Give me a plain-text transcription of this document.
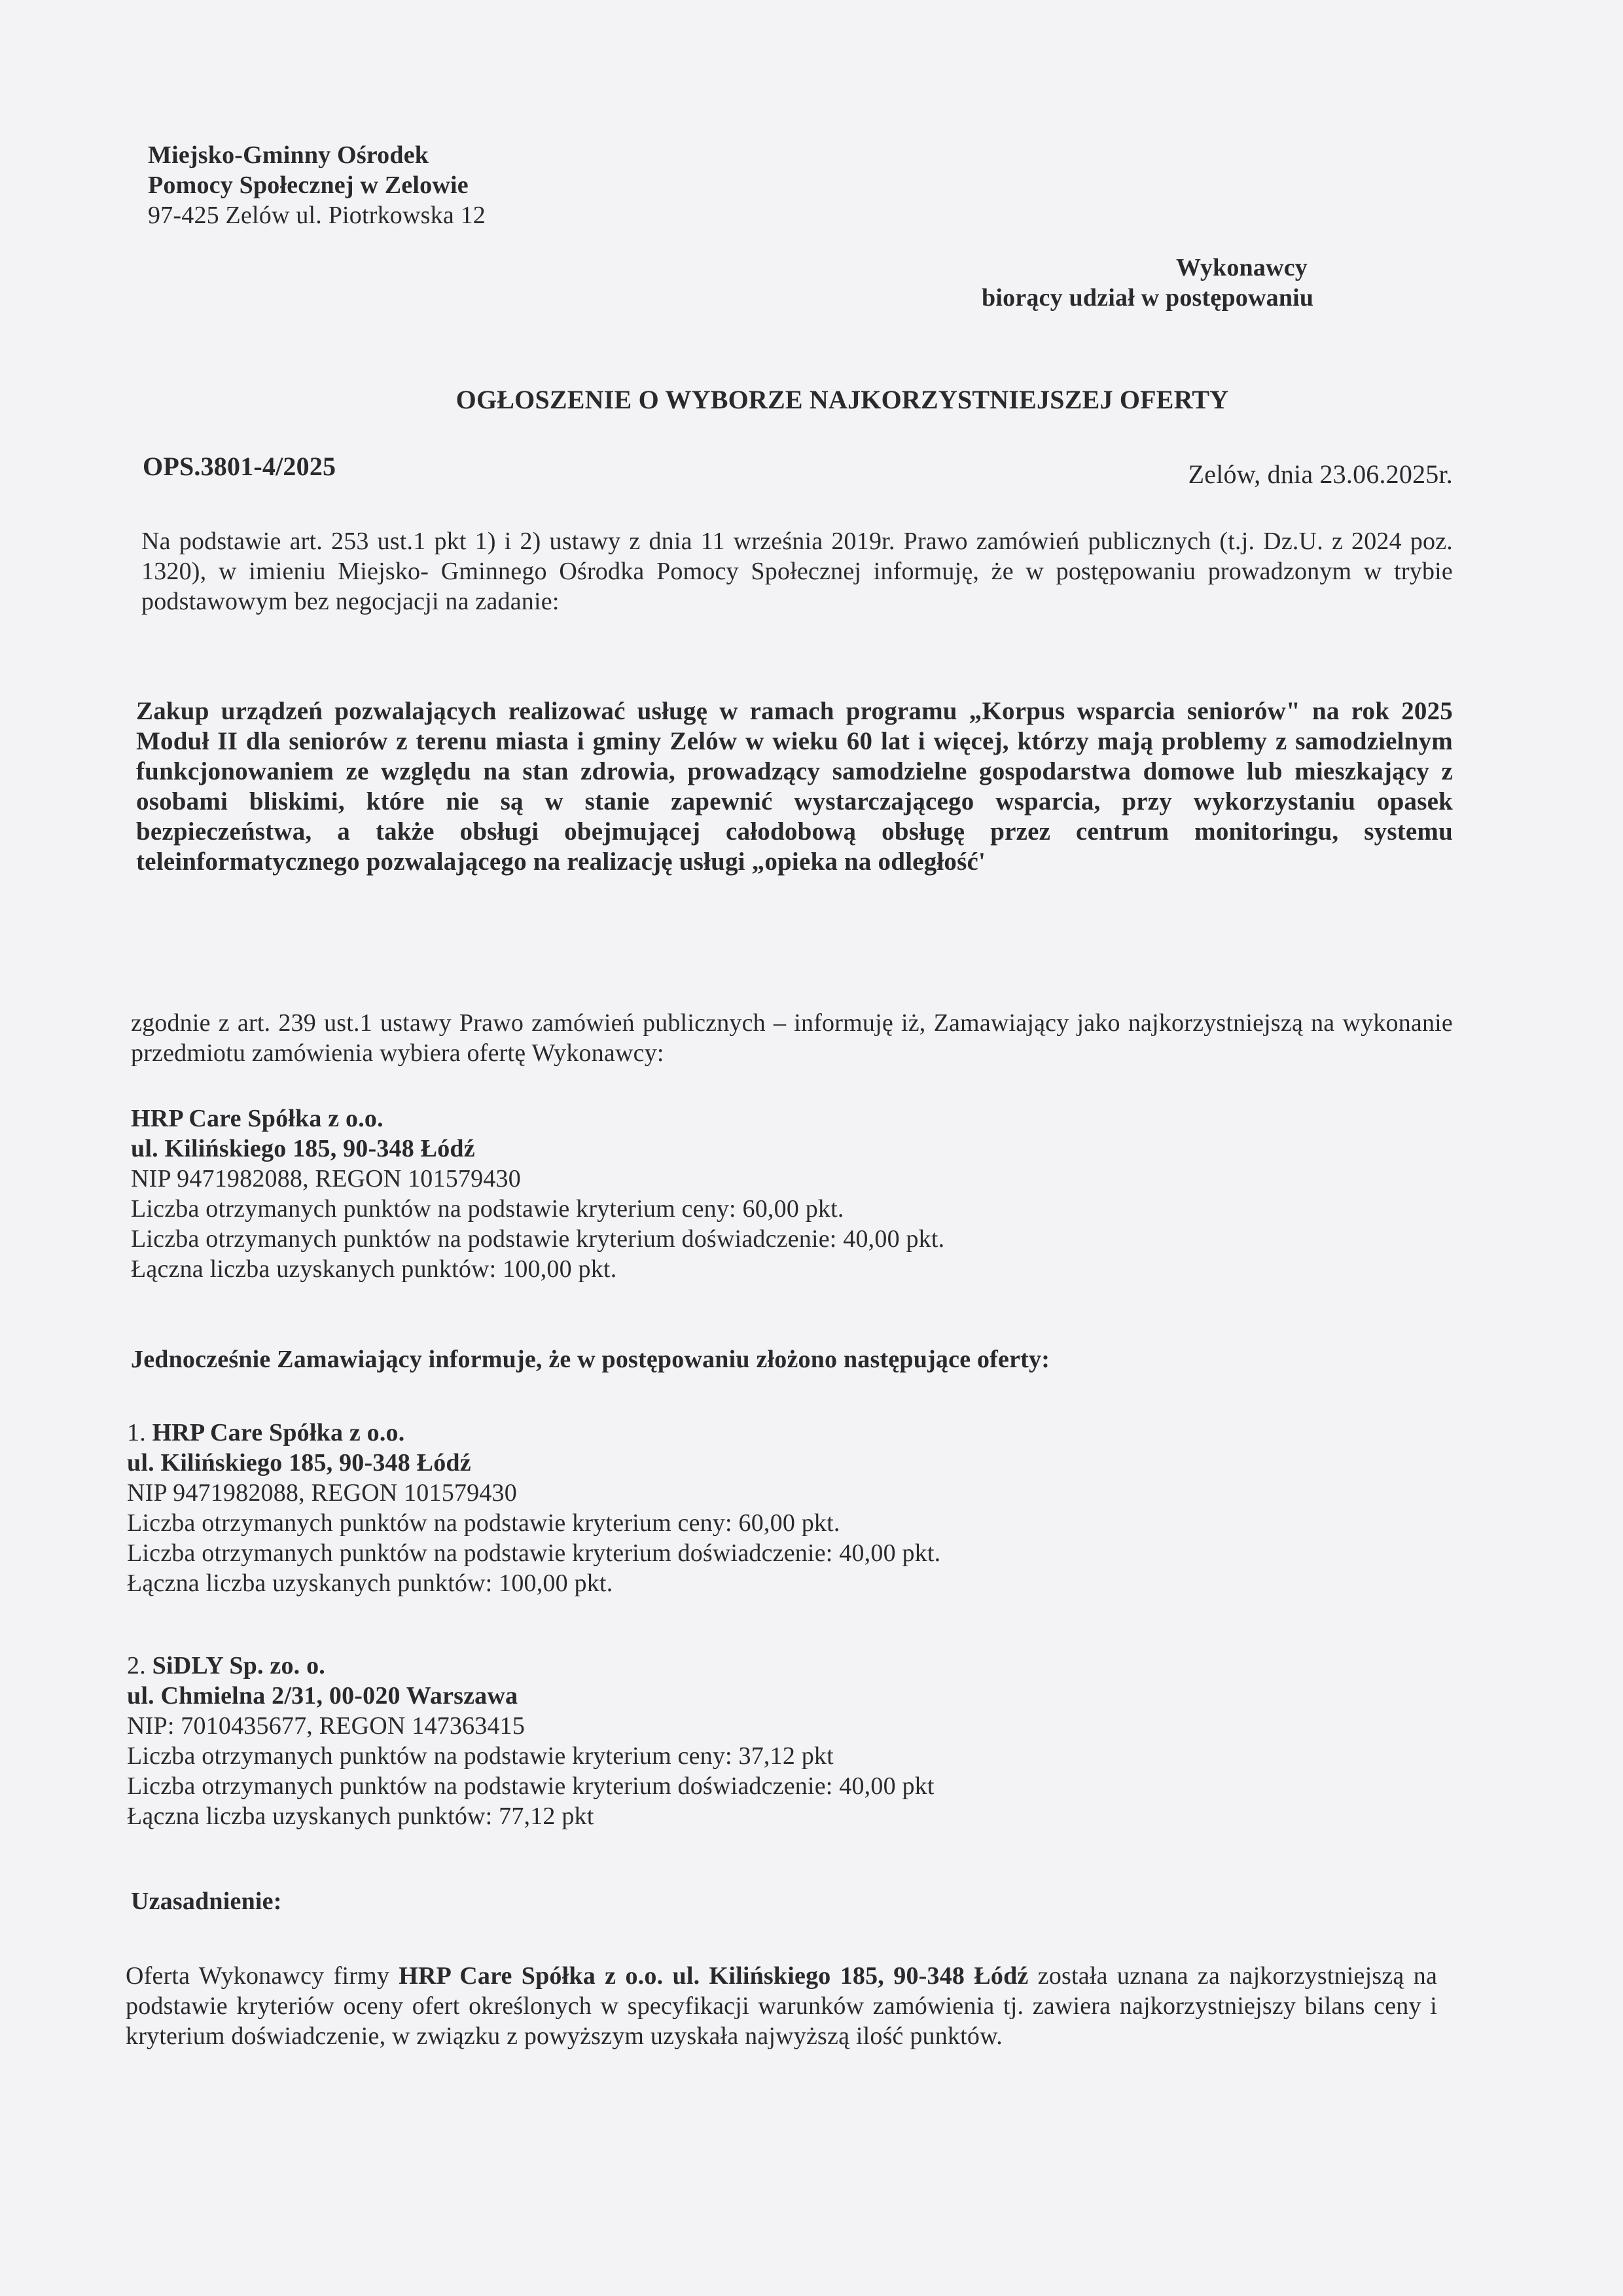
Miejsko-Gminny Ośrodek
Pomocy Społecznej w Zelowie
97-425 Zelów ul. Piotrkowska 12
Wykonawcy
biorący udział w postępowaniu
OGŁOSZENIE O WYBORZE NAJKORZYSTNIEJSZEJ OFERTY
OPS.3801-4/2025	Zelów, dnia 23.06.2025r.
Na podstawie art. 253 ust.1 pkt 1) i 2) ustawy z dnia 11 września 2019r. Prawo zamówień publicznych (t.j. Dz.U. z 2024 poz. 1320), w imieniu Miejsko- Gminnego Ośrodka Pomocy Społecznej informuję, że w postępowaniu prowadzonym w trybie podstawowym bez negocjacji na zadanie:
Zakup urządzeń pozwalających realizować usługę w ramach programu „Korpus wsparcia seniorów" na rok 2025 Moduł II dla seniorów z terenu miasta i gminy Zelów w wieku 60 lat i więcej, którzy mają problemy z samodzielnym funkcjonowaniem ze względu na stan zdrowia, prowadzący samodzielne gospodarstwa domowe lub mieszkający z osobami bliskimi, które nie są w stanie zapewnić wystarczającego wsparcia, przy wykorzystaniu opasek bezpieczeństwa, a także obsługi obejmującej całodobową obsługę przez centrum monitoringu, systemu teleinformatycznego pozwalającego na realizację usługi „opieka na odległość'
zgodnie z art. 239 ust.1 ustawy Prawo zamówień publicznych – informuję iż, Zamawiający jako najkorzystniejszą na wykonanie przedmiotu zamówienia wybiera ofertę Wykonawcy:
HRP Care Spółka z o.o.
ul. Kilińskiego 185, 90-348 Łódź
NIP 9471982088, REGON 101579430
Liczba otrzymanych punktów na podstawie kryterium ceny: 60,00 pkt.
Liczba otrzymanych punktów na podstawie kryterium doświadczenie: 40,00 pkt.
Łączna liczba uzyskanych punktów: 100,00 pkt.
Jednocześnie Zamawiający informuje, że w postępowaniu złożono następujące oferty:
1. HRP Care Spółka z o.o.
ul. Kilińskiego 185, 90-348 Łódź
NIP 9471982088, REGON 101579430
Liczba otrzymanych punktów na podstawie kryterium ceny: 60,00 pkt.
Liczba otrzymanych punktów na podstawie kryterium doświadczenie: 40,00 pkt.
Łączna liczba uzyskanych punktów: 100,00 pkt.
2. SiDLY Sp. zo. o.
ul. Chmielna 2/31, 00-020 Warszawa
NIP: 7010435677, REGON 147363415
Liczba otrzymanych punktów na podstawie kryterium ceny: 37,12 pkt
Liczba otrzymanych punktów na podstawie kryterium doświadczenie: 40,00 pkt
Łączna liczba uzyskanych punktów: 77,12 pkt
Uzasadnienie:
Oferta Wykonawcy firmy HRP Care Spółka z o.o. ul. Kilińskiego 185, 90-348 Łódź została uznana za najkorzystniejszą na podstawie kryteriów oceny ofert określonych w specyfikacji warunków zamówienia tj. zawiera najkorzystniejszy bilans ceny i kryterium doświadczenie, w związku z powyższym uzyskała najwyższą ilość punktów.
